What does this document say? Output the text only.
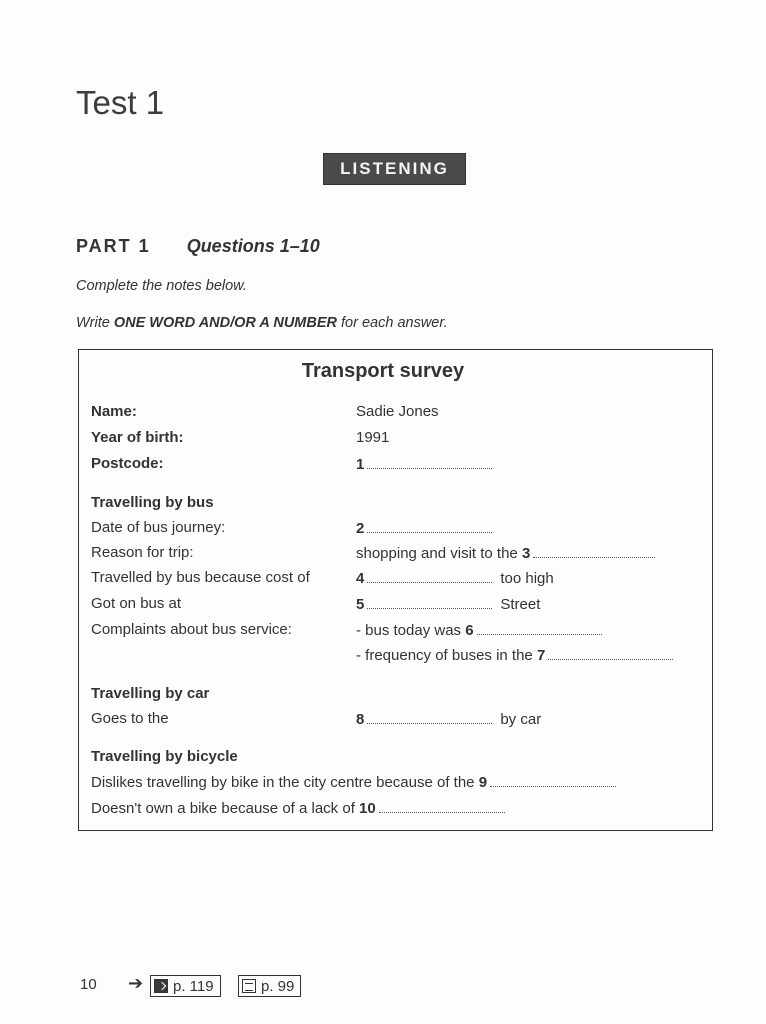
Test 1
LISTENING
PART 1 Questions 1–10
Complete the notes below.
Write ONE WORD AND/OR A NUMBER for each answer.
Transport survey
Name:	Sadie Jones
Year of birth:	1991
Postcode:	1
Travelling by bus
Date of bus journey:	2
Reason for trip:	shopping and visit to the 3
Travelled by bus because cost of	4	too high
Got on bus at	5	Street
Complaints about bus service:	- bus today was 6
- frequency of buses in the 7
Travelling by car
Goes to the	8	by car
Travelling by bicycle
Dislikes travelling by bike in the city centre because of the 9
Doesn't own a bike because of a lack of 10
10 ➔ p. 119	p. 99
